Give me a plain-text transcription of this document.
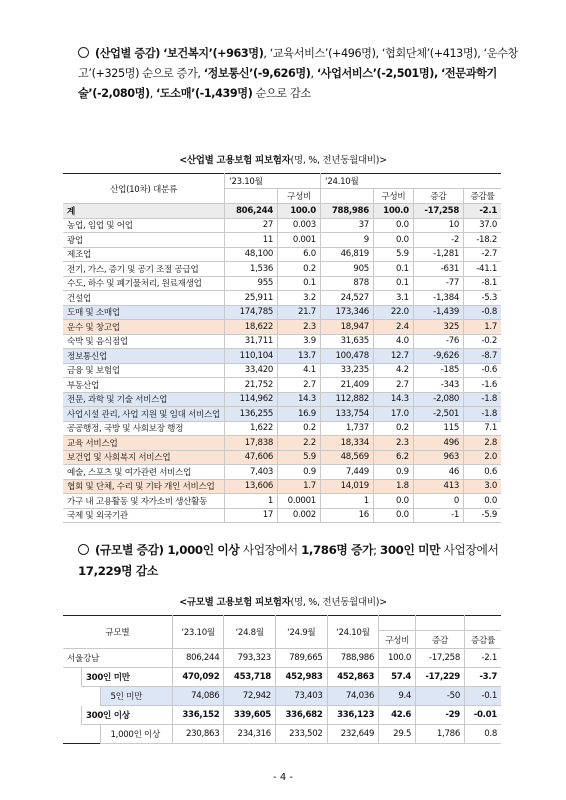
(산업별 증감) ‘보건복지’(+963명), ‘교육서비스’(+496명), ‘협회단체’(+413명), ‘운수창고’(+325명) 순으로 증가, ‘정보통신’(-9,626명), ‘사업서비스’(-2,501명), ‘전문과학기술’(-2,080명), ‘도소매’(-1,439명) 순으로 감소
<산업별 고용보험 피보험자(명, %, 전년동월대비)>
산업(10차) 대분류	‘23.10월		‘24.10월			
		구성비		구성비	증감	증감률
계	806,244	100.0	788,986	100.0	-17,258	-2.1
농업, 임업 및 어업	27	0.003	37	0.0	10	37.0
광업	11	0.001	9	0.0	-2	-18.2
제조업	48,100	6.0	46,819	5.9	-1,281	-2.7
전기, 가스, 증기 및 공기 조절 공급업	1,536	0.2	905	0.1	-631	-41.1
수도, 하수 및 폐기물처리, 원료재생업	955	0.1	878	0.1	-77	-8.1
건설업	25,911	3.2	24,527	3.1	-1,384	-5.3
도매 및 소매업	174,785	21.7	173,346	22.0	-1,439	-0.8
운수 및 창고업	18,622	2.3	18,947	2.4	325	1.7
숙박 및 음식점업	31,711	3.9	31,635	4.0	-76	-0.2
정보통신업	110,104	13.7	100,478	12.7	-9,626	-8.7
금융 및 보험업	33,420	4.1	33,235	4.2	-185	-0.6
부동산업	21,752	2.7	21,409	2.7	-343	-1.6
전문, 과학 및 기술 서비스업	114,962	14.3	112,882	14.3	-2,080	-1.8
사업시설 관리, 사업 지원 및 임대 서비스업	136,255	16.9	133,754	17.0	-2,501	-1.8
공공행정, 국방 및 사회보장 행정	1,622	0.2	1,737	0.2	115	7.1
교육 서비스업	17,838	2.2	18,334	2.3	496	2.8
보건업 및 사회복지 서비스업	47,606	5.9	48,569	6.2	963	2.0
예술, 스포츠 및 여가관련 서비스업	7,403	0.9	7,449	0.9	46	0.6
협회 및 단체, 수리 및 기타 개인 서비스업	13,606	1.7	14,019	1.8	413	3.0
가구 내 고용활동 및 자가소비 생산활동	1	0.0001	1	0.0	0	0.0
국제 및 외국기관	17	0.002	16	0.0	-1	-5.9
(규모별 증감) 1,000인 이상 사업장에서 1,786명 증가; 300인 미만 사업장에서 17,229명 감소
<규모별 고용보험 피보험자(명, %, 전년동월대비)>
규모별			‘23.10월	‘24.8월	‘24.9월	‘24.10월			
							구성비	증감	증감률
서울강남			806,244	793,323	789,665	788,986	100.0	-17,258	-2.1
	300인 미만		470,092	453,718	452,983	452,863	57.4	-17,229	-3.7
		5인 미만	74,086	72,942	73,403	74,036	9.4	-50	-0.1
	300인 이상		336,152	339,605	336,682	336,123	42.6	-29	-0.01
		1,000인 이상	230,863	234,316	233,502	232,649	29.5	1,786	0.8
- 4 -
